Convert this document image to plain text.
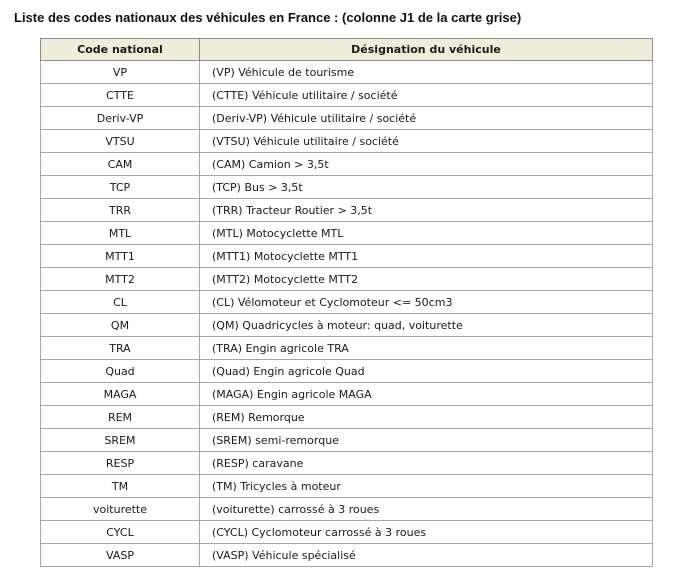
Liste des codes nationaux des véhicules en France : (colonne J1 de la carte grise)
Code national	Désignation du véhicule
VP	(VP) Véhicule de tourisme
CTTE	(CTTE) Véhicule utilitaire / société
Deriv-VP	(Deriv-VP) Véhicule utilitaire / société
VTSU	(VTSU) Véhicule utilitaire / société
CAM	(CAM) Camion > 3,5t
TCP	(TCP) Bus > 3,5t
TRR	(TRR) Tracteur Routier > 3,5t
MTL	(MTL) Motocyclette MTL
MTT1	(MTT1) Motocyclette MTT1
MTT2	(MTT2) Motocyclette MTT2
CL	(CL) Vélomoteur et Cyclomoteur <= 50cm3
QM	(QM) Quadricycles à moteur: quad, voiturette
TRA	(TRA) Engin agricole TRA
Quad	(Quad) Engin agricole Quad
MAGA	(MAGA) Engin agricole MAGA
REM	(REM) Remorque
SREM	(SREM) semi-remorque
RESP	(RESP) caravane
TM	(TM) Tricycles à moteur
voiturette	(voiturette) carrossé à 3 roues
CYCL	(CYCL) Cyclomoteur carrossé à 3 roues
VASP	(VASP) Véhicule spécialisé
